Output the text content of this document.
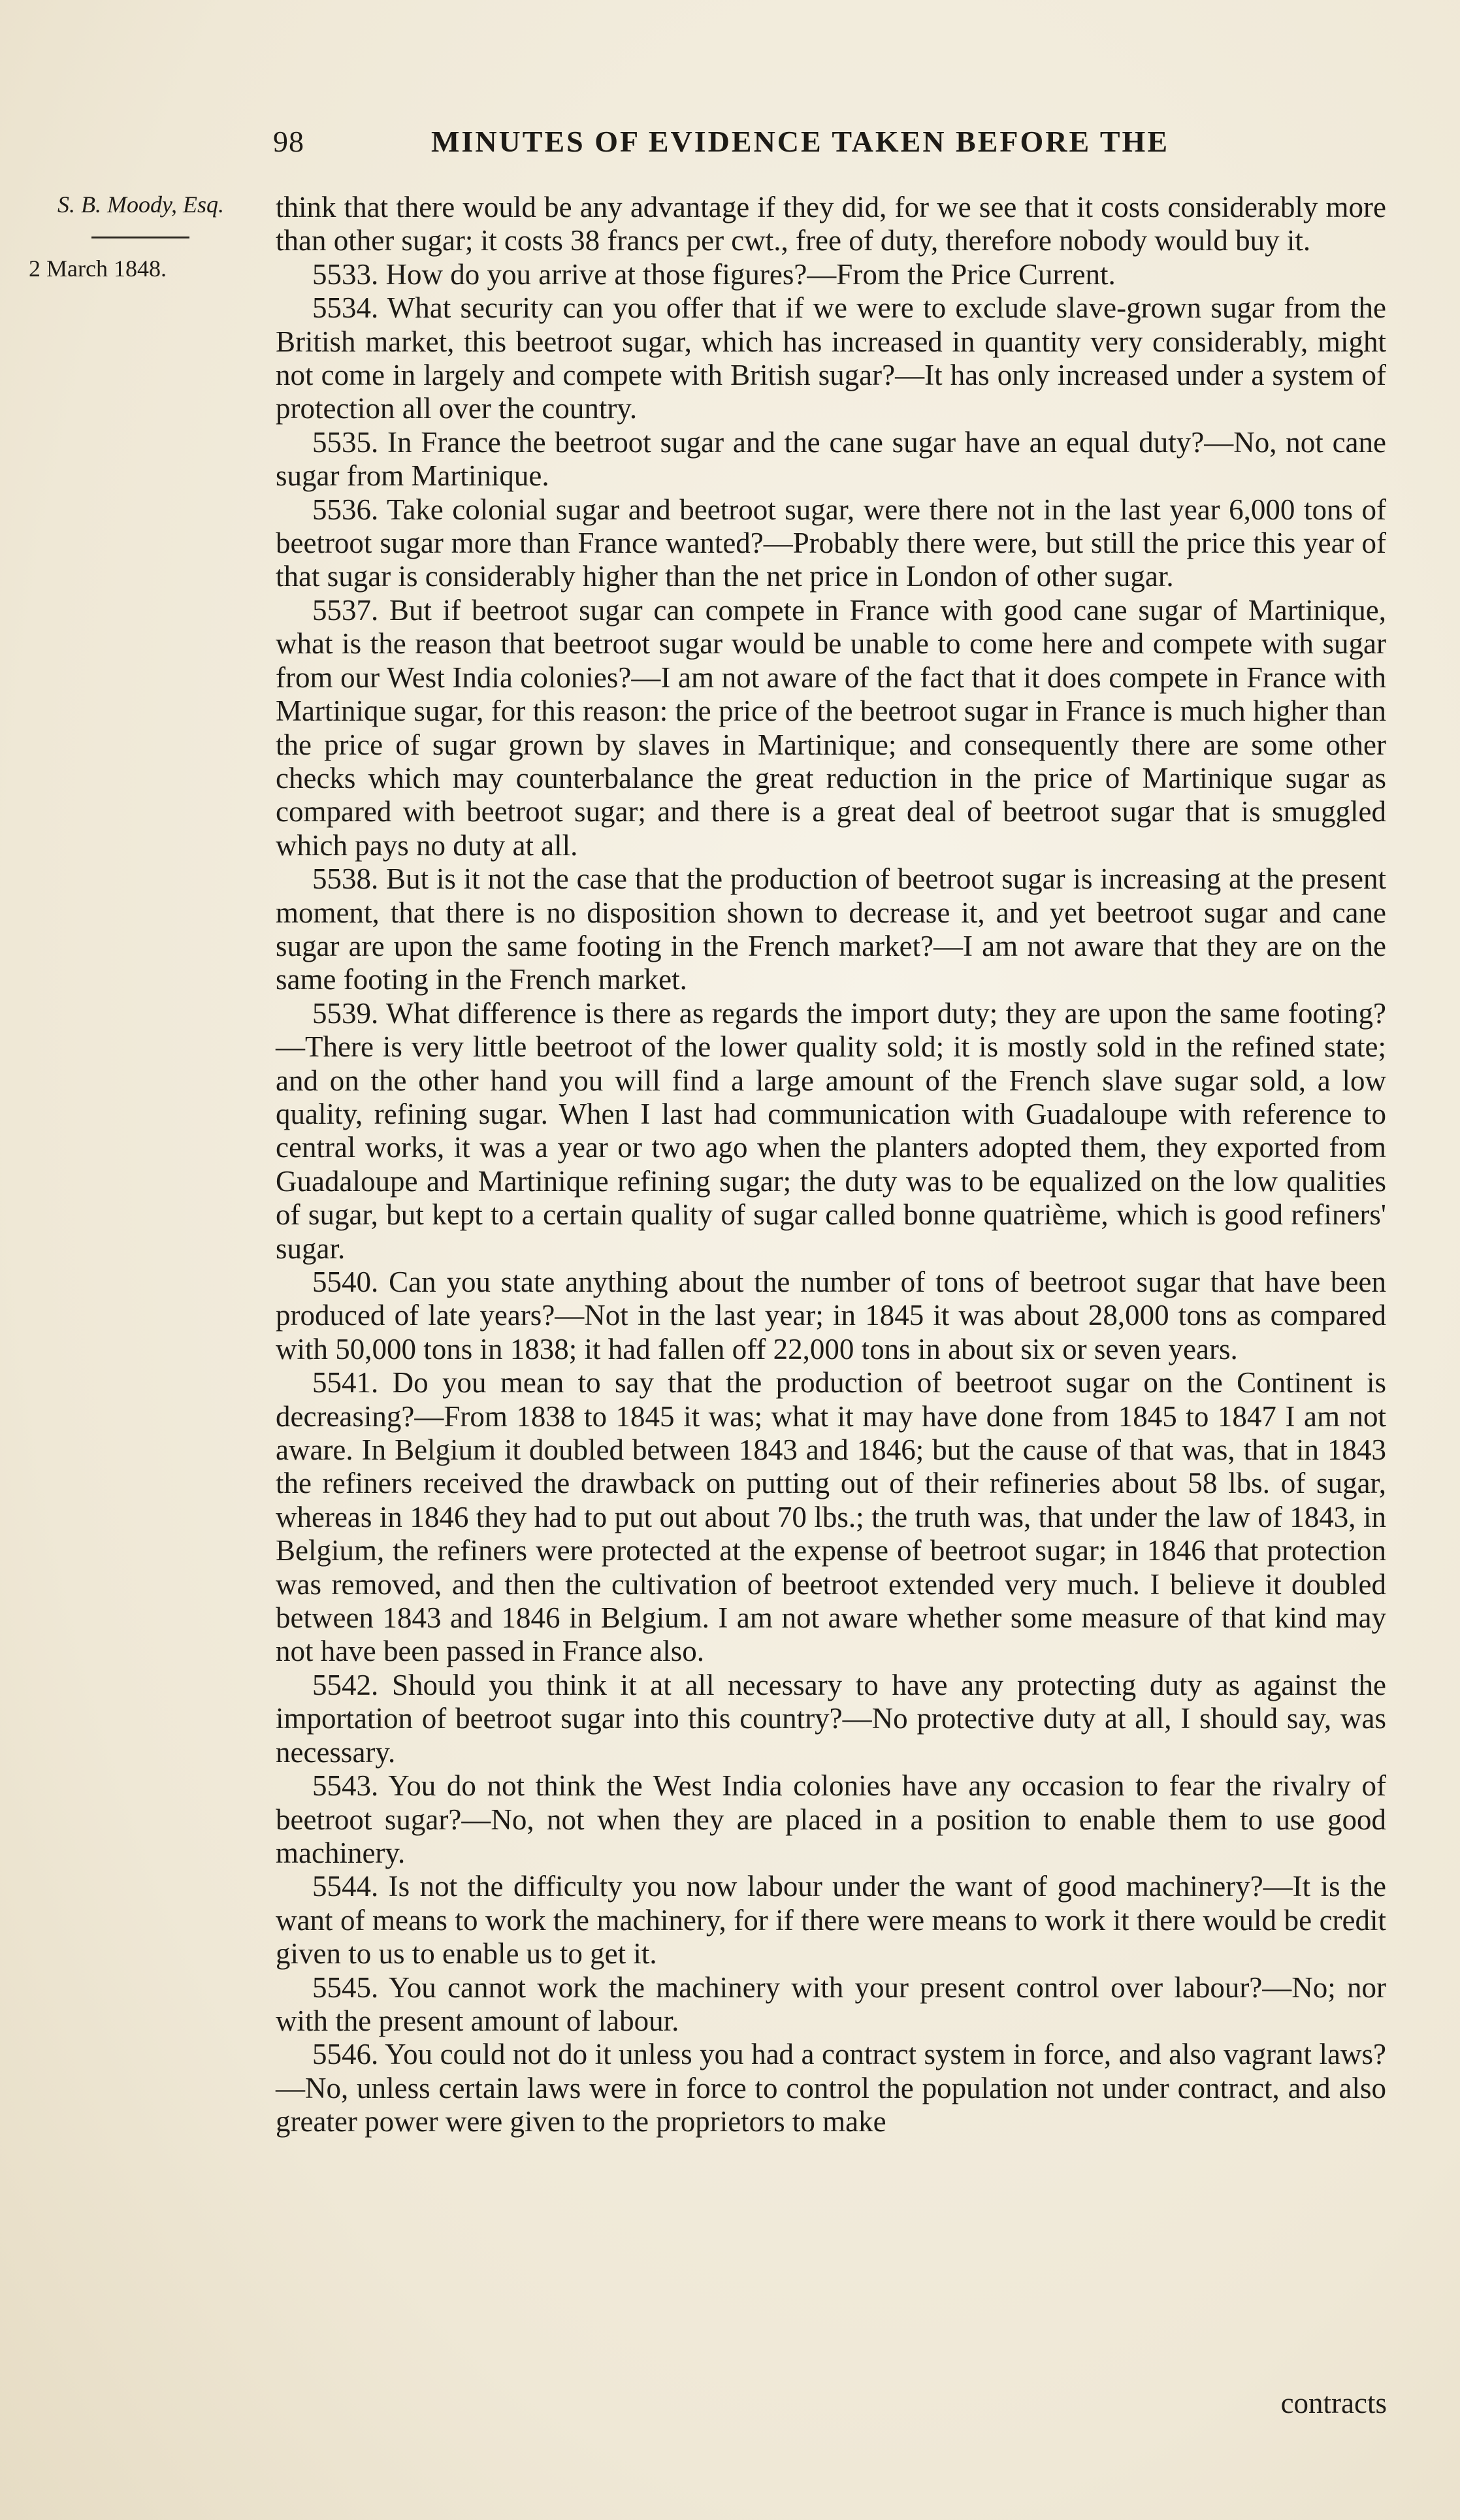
98	MINUTES OF EVIDENCE TAKEN BEFORE THE
S. B. Moody, Esq.
2 March 1848.

think that there would be any advantage if they did, for we see that it costs considerably more than other sugar; it costs 38 francs per cwt., free of duty, therefore nobody would buy it.

5533. How do you arrive at those figures?—From the Price Current.

5534. What security can you offer that if we were to exclude slave-grown sugar from the British market, this beetroot sugar, which has increased in quantity very considerably, might not come in largely and compete with British sugar?—It has only increased under a system of protection all over the country.

5535. In France the beetroot sugar and the cane sugar have an equal duty?—No, not cane sugar from Martinique.

5536. Take colonial sugar and beetroot sugar, were there not in the last year 6,000 tons of beetroot sugar more than France wanted?—Probably there were, but still the price this year of that sugar is considerably higher than the net price in London of other sugar.

5537. But if beetroot sugar can compete in France with good cane sugar of Martinique, what is the reason that beetroot sugar would be unable to come here and compete with sugar from our West India colonies?—I am not aware of the fact that it does compete in France with Martinique sugar, for this reason: the price of the beetroot sugar in France is much higher than the price of sugar grown by slaves in Martinique; and consequently there are some other checks which may counterbalance the great reduction in the price of Martinique sugar as compared with beetroot sugar; and there is a great deal of beetroot sugar that is smuggled which pays no duty at all.

5538. But is it not the case that the production of beetroot sugar is increasing at the present moment, that there is no disposition shown to decrease it, and yet beetroot sugar and cane sugar are upon the same footing in the French market?—I am not aware that they are on the same footing in the French market.

5539. What difference is there as regards the import duty; they are upon the same footing?—There is very little beetroot of the lower quality sold; it is mostly sold in the refined state; and on the other hand you will find a large amount of the French slave sugar sold, a low quality, refining sugar. When I last had communication with Guadaloupe with reference to central works, it was a year or two ago when the planters adopted them, they exported from Guadaloupe and Martinique refining sugar; the duty was to be equalized on the low qualities of sugar, but kept to a certain quality of sugar called bonne quatrième, which is good refiners' sugar.

5540. Can you state anything about the number of tons of beetroot sugar that have been produced of late years?—Not in the last year; in 1845 it was about 28,000 tons as compared with 50,000 tons in 1838; it had fallen off 22,000 tons in about six or seven years.

5541. Do you mean to say that the production of beetroot sugar on the Continent is decreasing?—From 1838 to 1845 it was; what it may have done from 1845 to 1847 I am not aware. In Belgium it doubled between 1843 and 1846; but the cause of that was, that in 1843 the refiners received the drawback on putting out of their refineries about 58 lbs. of sugar, whereas in 1846 they had to put out about 70 lbs.; the truth was, that under the law of 1843, in Belgium, the refiners were protected at the expense of beetroot sugar; in 1846 that protection was removed, and then the cultivation of beetroot extended very much. I believe it doubled between 1843 and 1846 in Belgium. I am not aware whether some measure of that kind may not have been passed in France also.

5542. Should you think it at all necessary to have any protecting duty as against the importation of beetroot sugar into this country?—No protective duty at all, I should say, was necessary.

5543. You do not think the West India colonies have any occasion to fear the rivalry of beetroot sugar?—No, not when they are placed in a position to enable them to use good machinery.

5544. Is not the difficulty you now labour under the want of good machinery?—It is the want of means to work the machinery, for if there were means to work it there would be credit given to us to enable us to get it.

5545. You cannot work the machinery with your present control over labour?—No; nor with the present amount of labour.

5546. You could not do it unless you had a contract system in force, and also vagrant laws?—No, unless certain laws were in force to control the population not under contract, and also greater power were given to the proprietors to make

contracts
